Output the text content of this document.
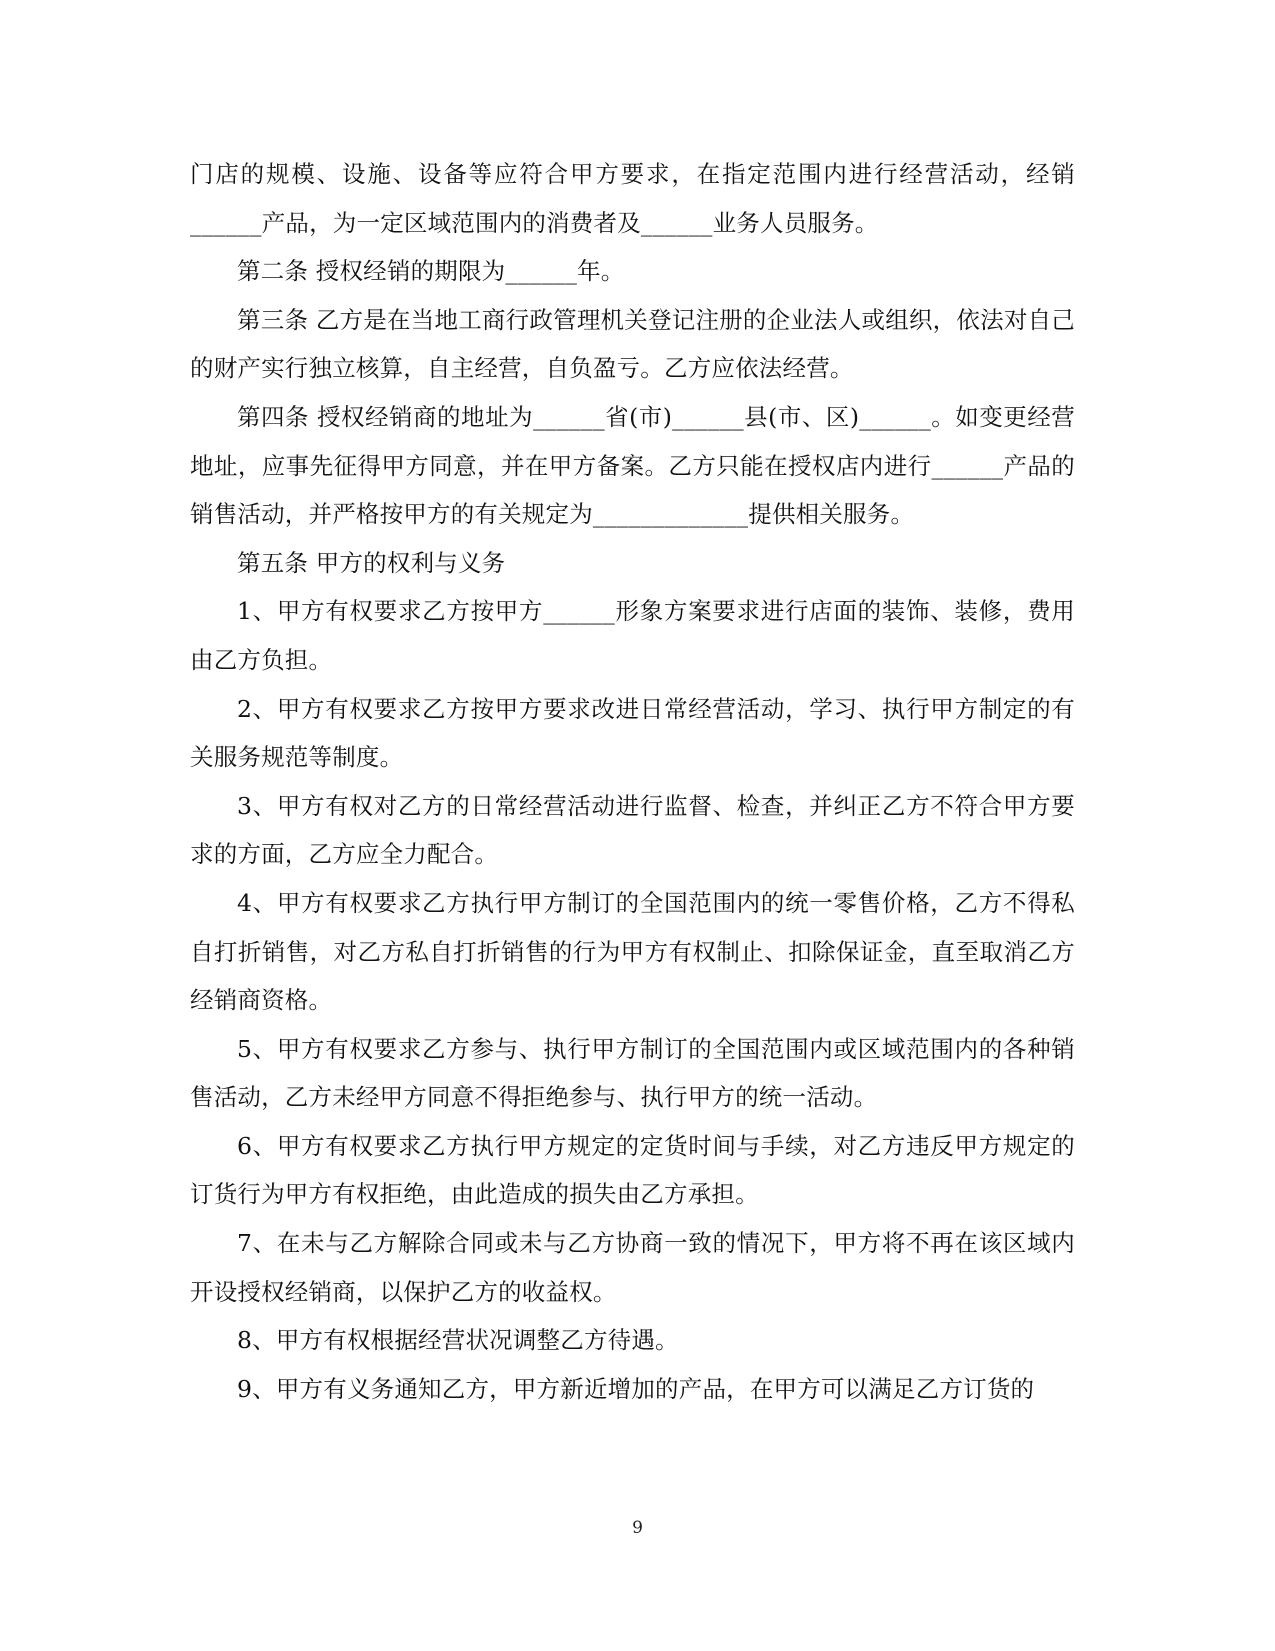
门店的规模、设施、设备等应符合甲方要求，在指定范围内进行经营活动，经销______产品，为一定区域范围内的消费者及______业务人员服务。

第二条 授权经销的期限为______年。

第三条 乙方是在当地工商行政管理机关登记注册的企业法人或组织，依法对自己的财产实行独立核算，自主经营，自负盈亏。乙方应依法经营。

第四条 授权经销商的地址为______省(市)______县(市、区)______。如变更经营地址，应事先征得甲方同意，并在甲方备案。乙方只能在授权店内进行______产品的销售活动，并严格按甲方的有关规定为_____________提供相关服务。

第五条 甲方的权利与义务

1、甲方有权要求乙方按甲方______形象方案要求进行店面的装饰、装修，费用由乙方负担。

2、甲方有权要求乙方按甲方要求改进日常经营活动，学习、执行甲方制定的有关服务规范等制度。

3、甲方有权对乙方的日常经营活动进行监督、检查，并纠正乙方不符合甲方要求的方面，乙方应全力配合。

4、甲方有权要求乙方执行甲方制订的全国范围内的统一零售价格，乙方不得私自打折销售，对乙方私自打折销售的行为甲方有权制止、扣除保证金，直至取消乙方经销商资格。

5、甲方有权要求乙方参与、执行甲方制订的全国范围内或区域范围内的各种销售活动，乙方未经甲方同意不得拒绝参与、执行甲方的统一活动。

6、甲方有权要求乙方执行甲方规定的定货时间与手续，对乙方违反甲方规定的订货行为甲方有权拒绝，由此造成的损失由乙方承担。

7、在未与乙方解除合同或未与乙方协商一致的情况下，甲方将不再在该区域内开设授权经销商，以保护乙方的收益权。

8、甲方有权根据经营状况调整乙方待遇。

9、甲方有义务通知乙方，甲方新近增加的产品，在甲方可以满足乙方订货的

9
